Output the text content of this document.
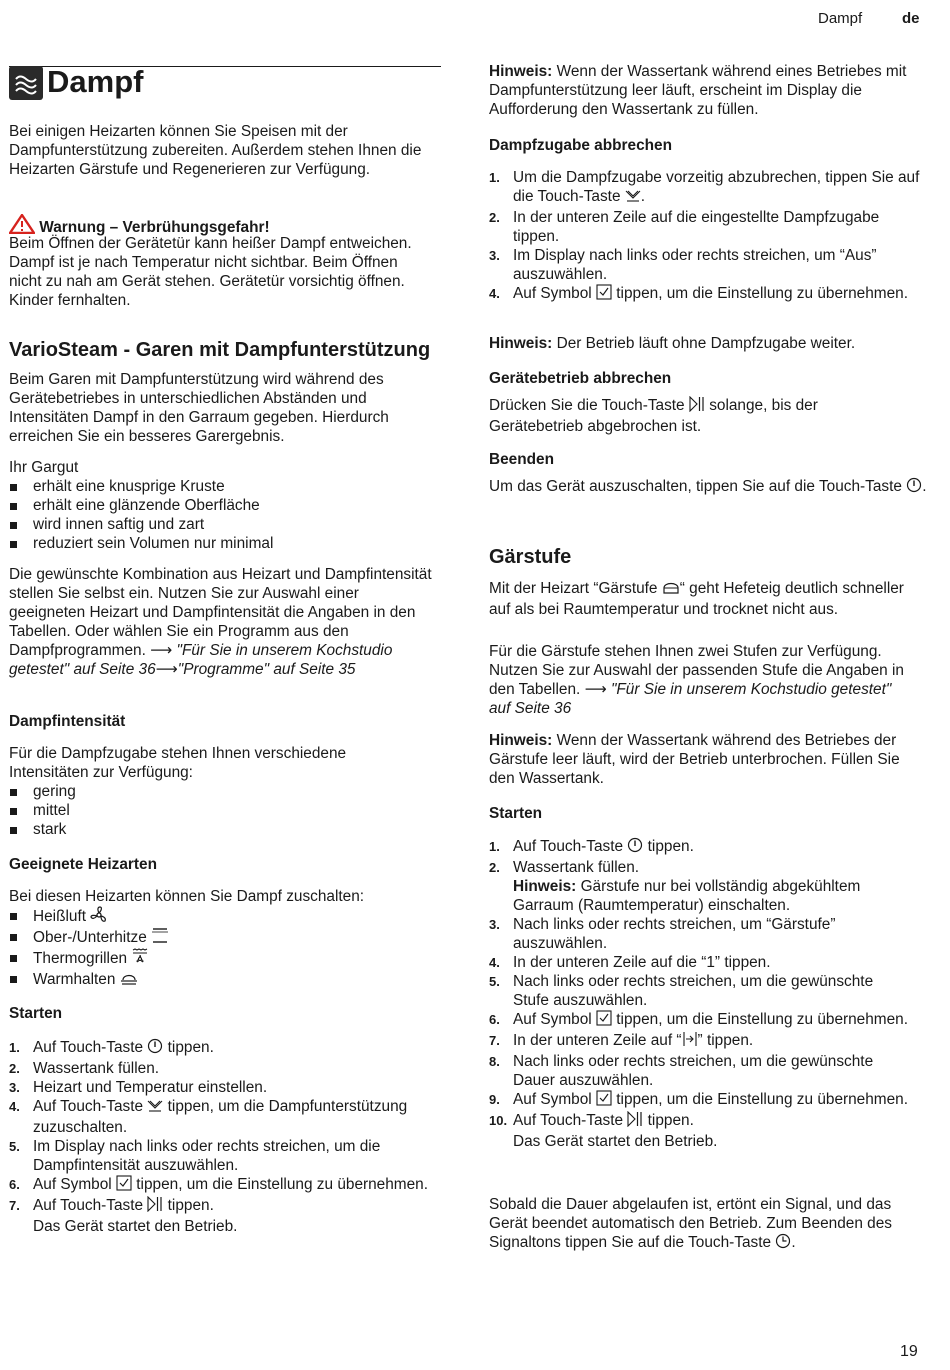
Dampf	de
Dampf

Bei einigen Heizarten können Sie Speisen mit der Dampfunterstützung zubereiten. Außerdem stehen Ihnen die Heizarten Gärstufe und Regenerieren zur Verfügung.

Warnung – Verbrühungsgefahr!

Beim Öffnen der Gerätetür kann heißer Dampf entweichen. Dampf ist je nach Temperatur nicht sichtbar. Beim Öffnen nicht zu nah am Gerät stehen. Gerätetür vorsichtig öffnen. Kinder fernhalten.

VarioSteam - Garen mit Dampfunterstützung

Beim Garen mit Dampfunterstützung wird während des Gerätebetriebes in unterschiedlichen Abständen und Intensitäten Dampf in den Garraum gegeben. Hierdurch erreichen Sie ein besseres Garergebnis.

Ihr Gargut

erhält eine knusprige Kruste
erhält eine glänzende Oberfläche
wird innen saftig und zart
reduziert sein Volumen nur minimal
Die gewünschte Kombination aus Heizart und Dampfintensität stellen Sie selbst ein. Nutzen Sie zur Auswahl einer geeigneten Heizart und Dampfintensität die Angaben in den Tabellen. Oder wählen Sie ein Programm aus den Dampfprogrammen. ⟶ "Für Sie in unserem Kochstudio getestet" auf Seite 36⟶"Programme" auf Seite 35
Dampfintensität

Für die Dampfzugabe stehen Ihnen verschiedene Intensitäten zur Verfügung:

gering
mittel
stark
Geeignete Heizarten

Bei diesen Heizarten können Sie Dampf zuschalten:

Heißluft
Ober-/Unterhitze
Thermogrillen
Warmhalten
Starten
1. Auf Touch-Taste tippen.
2. Wassertank füllen.
3. Heizart und Temperatur einstellen.
4. Auf Touch-Taste tippen, um die Dampfunterstützung zuzuschalten.
5. Im Display nach links oder rechts streichen, um die Dampfintensität auszuwählen.
6. Auf Symbol tippen, um die Einstellung zu übernehmen.
7. Auf Touch-Taste tippen.
Das Gerät startet den Betrieb.

Hinweis: Wenn der Wassertank während eines Betriebes mit Dampfunterstützung leer läuft, erscheint im Display die Aufforderung den Wassertank zu füllen.

Dampfzugabe abbrechen
1. Um die Dampfzugabe vorzeitig abzubrechen, tippen Sie auf die Touch-Taste .
2. In der unteren Zeile auf die eingestellte Dampfzugabe tippen.
3. Im Display nach links oder rechts streichen, um “Aus” auszuwählen.
4. Auf Symbol tippen, um die Einstellung zu übernehmen.

Hinweis: Der Betrieb läuft ohne Dampfzugabe weiter.

Gerätebetrieb abbrechen

Drücken Sie die Touch-Taste solange, bis der Gerätebetrieb abgebrochen ist.

Beenden

Um das Gerät auszuschalten, tippen Sie auf die Touch-Taste .

Gärstufe

Mit der Heizart “Gärstufe “ geht Hefeteig deutlich schneller auf als bei Raumtemperatur und trocknet nicht aus.

Für die Gärstufe stehen Ihnen zwei Stufen zur Verfügung. Nutzen Sie zur Auswahl der passenden Stufe die Angaben in den Tabellen. ⟶ "Für Sie in unserem Kochstudio getestet" auf Seite 36

Hinweis: Wenn der Wassertank während des Betriebes der Gärstufe leer läuft, wird der Betrieb unterbrochen. Füllen Sie den Wassertank.

Starten
1. Auf Touch-Taste tippen.
2. Wassertank füllen.
Hinweis: Gärstufe nur bei vollständig abgekühltem Garraum (Raumtemperatur) einschalten.
3. Nach links oder rechts streichen, um “Gärstufe” auszuwählen.
4. In der unteren Zeile auf die “1” tippen.
5. Nach links oder rechts streichen, um die gewünschte Stufe auszuwählen.
6. Auf Symbol tippen, um die Einstellung zu übernehmen.
7. In der unteren Zeile auf “ ” tippen.
8. Nach links oder rechts streichen, um die gewünschte Dauer auszuwählen.
9. Auf Symbol tippen, um die Einstellung zu übernehmen.
10. Auf Touch-Taste tippen.
Das Gerät startet den Betrieb.

Sobald die Dauer abgelaufen ist, ertönt ein Signal, und das Gerät beendet automatisch den Betrieb. Zum Beenden des Signaltons tippen Sie auf die Touch-Taste .

19
